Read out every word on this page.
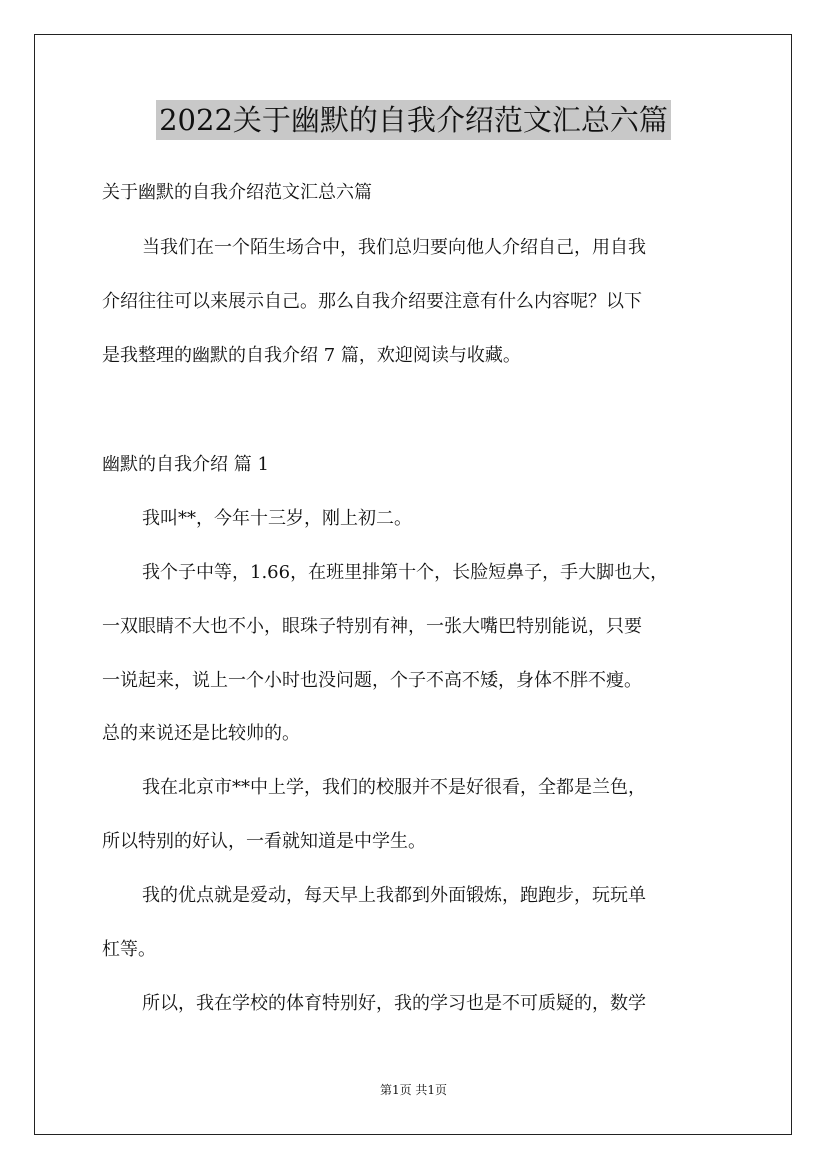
2022关于幽默的自我介绍范文汇总六篇
关于幽默的自我介绍范文汇总六篇
当我们在一个陌生场合中，我们总归要向他人介绍自己，用自我
介绍往往可以来展示自己。那么自我介绍要注意有什么内容呢？以下
是我整理的幽默的自我介绍 7 篇，欢迎阅读与收藏。
幽默的自我介绍 篇 1
我叫**，今年十三岁，刚上初二。
我个子中等，1.66，在班里排第十个，长脸短鼻子，手大脚也大，
一双眼睛不大也不小，眼珠子特别有神，一张大嘴巴特别能说，只要
一说起来，说上一个小时也没问题，个子不高不矮，身体不胖不瘦。
总的来说还是比较帅的。
我在北京市**中上学，我们的校服并不是好很看，全都是兰色，
所以特别的好认，一看就知道是中学生。
我的优点就是爱动，每天早上我都到外面锻炼，跑跑步，玩玩单
杠等。
所以，我在学校的体育特别好，我的学习也是不可质疑的，数学
第1页 共1页
